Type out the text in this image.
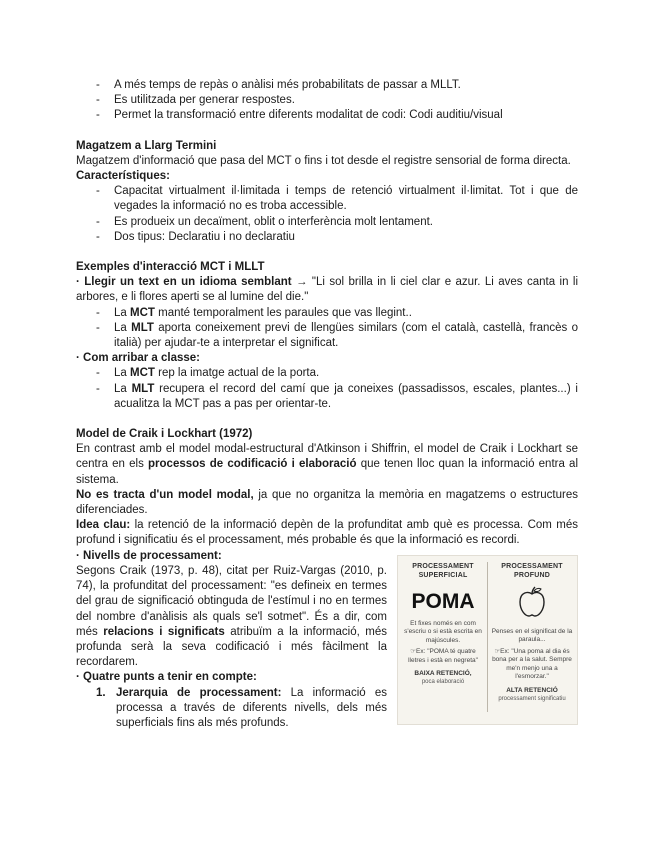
- A més temps de repàs o anàlisi més probabilitats de passar a MLLT.
- Es utilitzada per generar respostes.
- Permet la transformació entre diferents modalitat de codi: Codi auditiu/visual
Magatzem a Llarg Termini

Magatzem d'informació que pasa del MCT o fins i tot desde el registre sensorial de forma directa.

Característiques:

- Capacitat virtualment il·limitada i temps de retenció virtualment il·limitat. Tot i que de vegades la informació no es troba accessible.
- Es produeix un decaïment, oblit o interferència molt lentament.
- Dos tipus: Declaratiu i no declaratiu
Exemples d'interacció MCT i MLLT

· Llegir un text en un idioma semblant → "Li sol brilla in li ciel clar e azur. Li aves canta in li arbores, e li flores aperti se al lumine del die."

- La MCT manté temporalment les paraules que vas llegint..
- La MLT aporta coneixement previ de llengües similars (com el català, castellà, francès o italià) per ajudar-te a interpretar el significat.

· Com arribar a classe:

- La MCT rep la imatge actual de la porta.
- La MLT recupera el record del camí que ja coneixes (passadissos, escales, plantes...) i acualitza la MCT pas a pas per orientar-te.
Model de Craik i Lockhart (1972)

En contrast amb el model modal-estructural d'Atkinson i Shiffrin, el model de Craik i Lockhart se centra en els processos de codificació i elaboració que tenen lloc quan la informació entra al sistema.

No es tracta d'un model modal, ja que no organitza la memòria en magatzems o estructures diferenciades.

Idea clau: la retenció de la informació depèn de la profunditat amb què es processa. Com més profund i significatiu és el processament, més probable és que la informació es recordi.

PROCESSAMENT SUPERFICIAL
POMA
Et fixes només en com s'escriu o si està escrita en majúscules.
☞Ex: "POMA té quatre lletres i està en negreta"
BAIXA RETENCIÓ,
poca elaboració
PROCESSAMENT PROFUND
Penses en el significat de la paraula...
☞Ex: "Una poma al dia és bona per a la salut. Sempre me'n menjo una a l'esmorzar."
ALTA RETENCIÓ
processament significatiu

· Nivells de processament:

Segons Craik (1973, p. 48), citat per Ruiz-Vargas (2010, p. 74), la profunditat del processament: "es defineix en termes del grau de significació obtinguda de l'estímul i no en termes del nombre d'anàlisis als quals se'l sotmet". És a dir, com més relacions i significats atribuïm a la informació, més profunda serà la seva codificació i més fàcilment la recordarem.

· Quatre punts a tenir en compte:

1. Jerarquia de processament: La informació es processa a través de diferents nivells, dels més superficials fins als més profunds.
